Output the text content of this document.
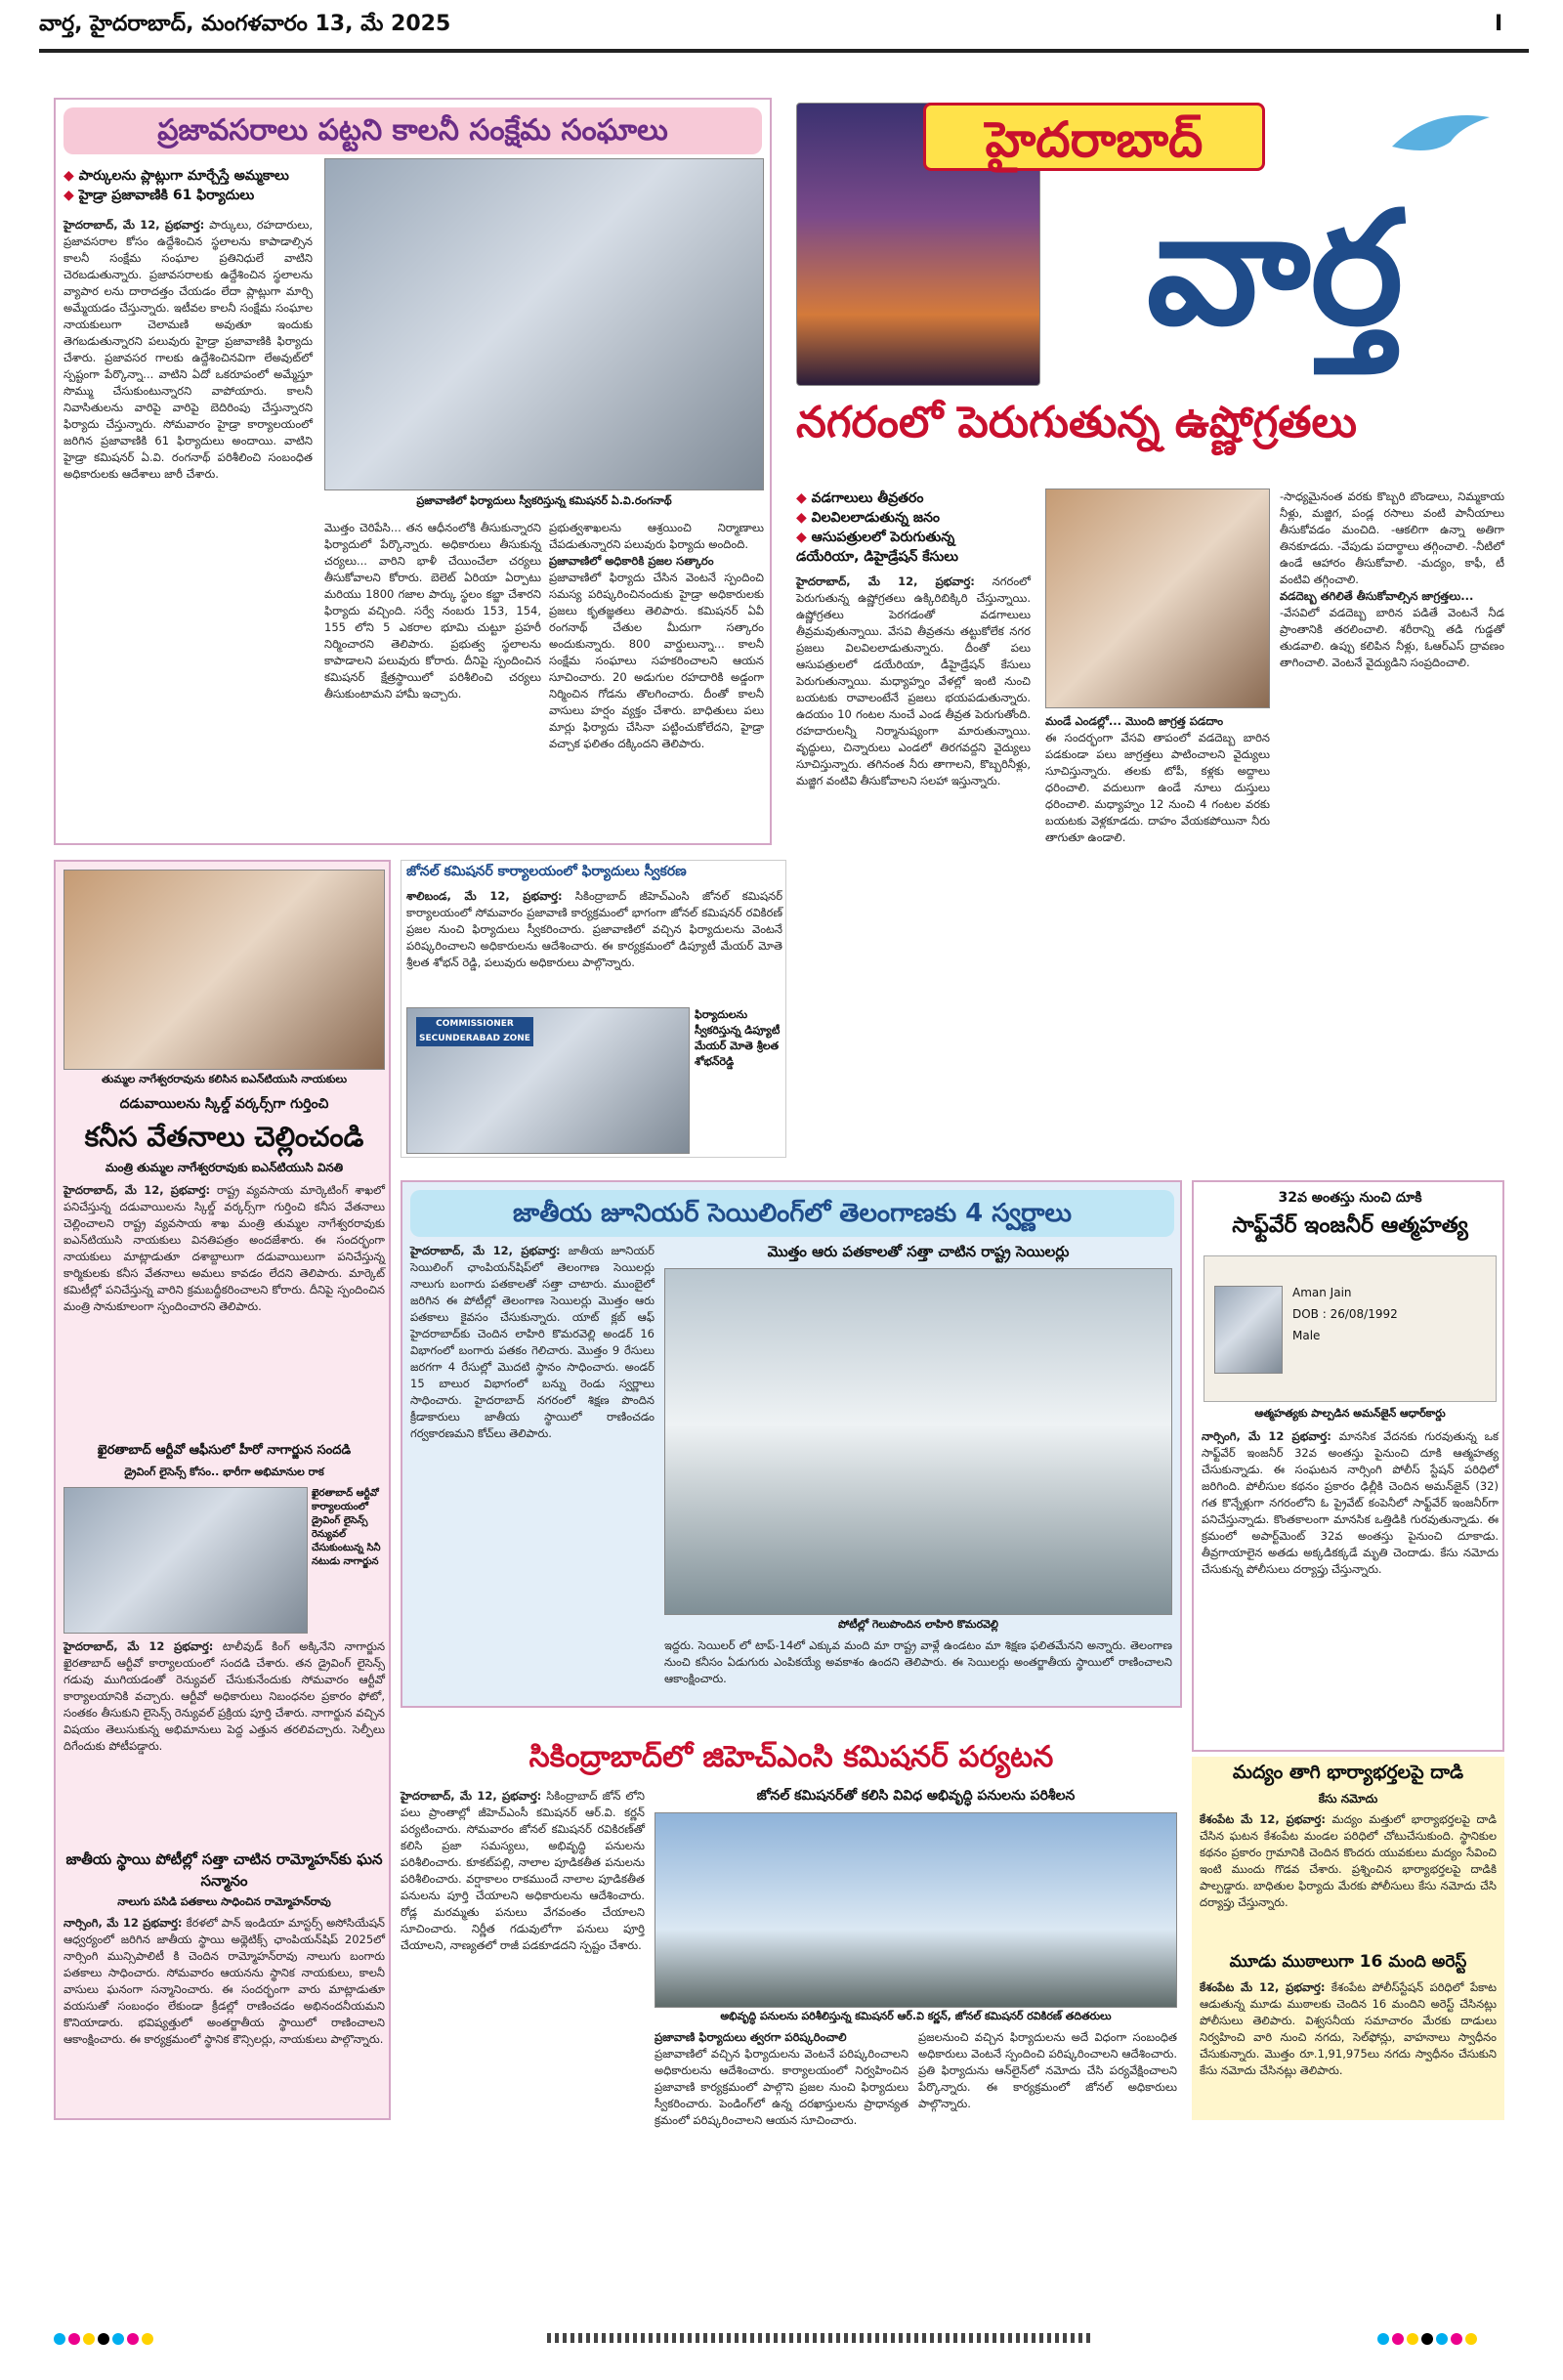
వార్త, హైదరాబాద్, మంగళవారం 13, మే 2025	I
ప్రజావసరాలు పట్టని కాలనీ సంక్షేమ సంఘాలు
◆ పార్కులను ప్లాట్లుగా మార్చేస్తే అమ్మకాలు
◆ హైడ్రా ప్రజావాణికి 61 ఫిర్యాదులు
హైదరాబాద్, మే 12, ప్రభవార్త: పార్కులు, రహదారులు, ప్రజావసరాల కోసం ఉద్దేశించిన స్థలాలను కాపాడాల్సిన కాలనీ సంక్షేమ సంఘాల ప్రతినిధులే వాటిని చెరబడుతున్నారు. ప్రజావసరాలకు ఉద్దేశించిన స్థలాలను వ్యాపార లను దారాదత్తం చేయడం లేదా ప్లాట్లుగా మార్చి అమ్మేయడం చేస్తున్నారు. ఇటీవల కాలనీ సంక్షేమ సంఘాల నాయకులుగా చెలామణి అవుతూ ఇందుకు తెగబడుతున్నారని పలువురు హైడ్రా ప్రజావాణికి ఫిర్యాదు చేశారు. ప్రజావసర గాలకు ఉద్దేశించినవిగా లేఅవుట్‌లో స్పష్టంగా పేర్కొన్నా... వాటిని ఏదో ఒకరూపంలో అమ్మేస్తూ సొమ్ము చేసుకుంటున్నారని వాపోయారు. కాలనీ నివాసితులను వారిపై వారిపై బెదిరింపు చేస్తున్నారని ఫిర్యాదు చేస్తున్నారు. సోమవారం హైడ్రా కార్యాలయంలో జరిగిన ప్రజావాణికి 61 ఫిర్యాదులు అందాయి. వాటిని హైడ్రా కమిషనర్ ఏ.వి. రంగనాథ్ పరిశీలించి సంబంధిత అధికారులకు ఆదేశాలు జారీ చేశారు.
ప్రజావాణిలో ఫిర్యాదులు స్వీకరిస్తున్న కమిషనర్ ఏ.వి.రంగనాథ్
మొత్తం చెరిపేసి... తన ఆధీనంలోకి తీసుకున్నారని ఫిర్యాదులో పేర్కొన్నారు. అధికారులు తీసుకున్న చర్యలు... వారిని భాళీ చేయించేలా చర్యలు తీసుకోవాలని కోరారు. బెలెట్ ఏరియా ఏర్పాటు మరియు 1800 గజాల పార్కు స్థలం కబ్జా చేశారని ఫిర్యాదు వచ్చింది. సర్వే నంబరు 153, 154, 155 లోని 5 ఎకరాల భూమి చుట్టూ ప్రహరీ నిర్మించారని తెలిపారు. ప్రభుత్వ స్థలాలను కాపాడాలని పలువురు కోరారు. దీనిపై స్పందించిన కమిషనర్ క్షేత్రస్థాయిలో పరిశీలించి చర్యలు తీసుకుంటామని హామీ ఇచ్చారు.
ప్రభుత్వశాఖలను ఆశ్రయించి నిర్మాణాలు చేపడుతున్నారని పలువురు ఫిర్యాదు అందింది.
ప్రజావాణిలో అధికారికి ప్రజల సత్కారం
ప్రజావాణిలో ఫిర్యాదు చేసిన వెంటనే స్పందించి సమస్య పరిష్కరించినందుకు హైడ్రా అధికారులకు ప్రజలు కృతజ్ఞతలు తెలిపారు. కమిషనర్ ఏవీ రంగనాథ్ చేతుల మీదుగా సత్కారం అందుకున్నారు. 800 వార్డులున్నా... కాలనీ సంక్షేమ సంఘాలు సహకరించాలని ఆయన సూచించారు. 20 అడుగుల రహదారికి అడ్డంగా నిర్మించిన గోడను తొలగించారు. దీంతో కాలనీ వాసులు హర్షం వ్యక్తం చేశారు. బాధితులు పలు మార్లు ఫిర్యాదు చేసినా పట్టించుకోలేదని, హైడ్రా వచ్చాక ఫలితం దక్కిందని తెలిపారు.
హైదరాబాద్
వార్త
నగరంలో పెరుగుతున్న ఉష్ణోగ్రతలు
◆ వడగాలులు తీవ్రతరం
◆ విలవిలలాడుతున్న జనం
◆ ఆసుపత్రులలో పెరుగుతున్న
డయేరియా, డిహైడ్రేషన్ కేసులు
హైదరాబాద్, మే 12, ప్రభవార్త: నగరంలో పెరుగుతున్న ఉష్ణోగ్రతలు ఉక్కిరిబిక్కిరి చేస్తున్నాయి. ఉష్ణోగ్రతలు పెరగడంతో వడగాలులు తీవ్రమవుతున్నాయి. వేసవి తీవ్రతను తట్టుకోలేక నగర ప్రజలు విలవిలలాడుతున్నారు. దీంతో పలు ఆసుపత్రులలో డయేరియా, డీహైడ్రేషన్ కేసులు పెరుగుతున్నాయి. మధ్యాహ్నం వేళల్లో ఇంటి నుంచి బయటకు రావాలంటేనే ప్రజలు భయపడుతున్నారు. ఉదయం 10 గంటల నుంచే ఎండ తీవ్రత పెరుగుతోంది. రహదారులన్నీ నిర్మానుష్యంగా మారుతున్నాయి. వృద్ధులు, చిన్నారులు ఎండలో తిరగవద్దని వైద్యులు సూచిస్తున్నారు. తగినంత నీరు తాగాలని, కొబ్బరినీళ్లు, మజ్జిగ వంటివి తీసుకోవాలని సలహా ఇస్తున్నారు.
మండే ఎండల్లో... మొంది జాగ్రత్త పడదాం
ఈ సందర్భంగా వేసవి తాపంలో వడదెబ్బ బారిన పడకుండా పలు జాగ్రత్తలు పాటించాలని వైద్యులు సూచిస్తున్నారు. తలకు టోపీ, కళ్లకు అద్దాలు ధరించాలి. వదులుగా ఉండే నూలు దుస్తులు ధరించాలి. మధ్యాహ్నం 12 నుంచి 4 గంటల వరకు బయటకు వెళ్లకూడదు. దాహం వేయకపోయినా నీరు తాగుతూ ఉండాలి.
-సాధ్యమైనంత వరకు కొబ్బరి బొండాలు, నిమ్మకాయ నీళ్లు, మజ్జిగ, పండ్ల రసాలు వంటి పానీయాలు తీసుకోవడం మంచిది. -ఆకలిగా ఉన్నా అతిగా తినకూడదు. -వేపుడు పదార్థాలు తగ్గించాలి. -నీటిలో ఉండే ఆహారం తీసుకోవాలి. -మద్యం, కాఫీ, టీ వంటివి తగ్గించాలి.
వడదెబ్బ తగిలితే తీసుకోవాల్సిన జాగ్రత్తలు...
-వేసవిలో వడదెబ్బ బారిన పడితే వెంటనే నీడ ప్రాంతానికి తరలించాలి. శరీరాన్ని తడి గుడ్డతో తుడవాలి. ఉప్పు కలిపిన నీళ్లు, ఓఆర్ఎస్ ద్రావణం తాగించాలి. వెంటనే వైద్యుడిని సంప్రదించాలి.
తుమ్మల నాగేశ్వరరావును కలిసిన ఐఎన్‌టియుసి నాయకులు
దడువాయిలను స్కిల్డ్ వర్కర్స్‌గా గుర్తించి
కనీస వేతనాలు చెల్లించండి
మంత్రి తుమ్మల నాగేశ్వరరావుకు ఐఎన్‌టియుసి వినతి
హైదరాబాద్, మే 12, ప్రభవార్త: రాష్ట్ర వ్యవసాయ మార్కెటింగ్ శాఖలో పనిచేస్తున్న దడువాయిలను స్కిల్డ్ వర్కర్స్‌గా గుర్తించి కనీస వేతనాలు చెల్లించాలని రాష్ట్ర వ్యవసాయ శాఖ మంత్రి తుమ్మల నాగేశ్వరరావుకు ఐఎన్‌టియుసి నాయకులు వినతిపత్రం అందజేశారు. ఈ సందర్భంగా నాయకులు మాట్లాడుతూ దశాబ్దాలుగా దడువాయిలుగా పనిచేస్తున్న కార్మికులకు కనీస వేతనాలు అమలు కావడం లేదని తెలిపారు. మార్కెట్ కమిటీల్లో పనిచేస్తున్న వారిని క్రమబద్ధీకరించాలని కోరారు. దీనిపై స్పందించిన మంత్రి సానుకూలంగా స్పందించారని తెలిపారు.
ఖైరతాబాద్ ఆర్టీవో ఆఫీసులో హీరో నాగార్జున సందడి
డ్రైవింగ్ లైసెన్స్ కోసం.. భారీగా అభిమానుల రాక
ఖైరతాబాద్ ఆర్టీవో కార్యాలయంలో డ్రైవింగ్ లైసెన్స్ రెన్యువల్ చేసుకుంటున్న సినీ నటుడు నాగార్జున
హైదరాబాద్, మే 12 ప్రభవార్త: టాలీవుడ్ కింగ్ అక్కినేని నాగార్జున ఖైరతాబాద్ ఆర్టీవో కార్యాలయంలో సందడి చేశారు. తన డ్రైవింగ్ లైసెన్స్ గడువు ముగియడంతో రెన్యువల్ చేసుకునేందుకు సోమవారం ఆర్టీవో కార్యాలయానికి వచ్చారు. ఆర్టీవో అధికారులు నిబంధనల ప్రకారం ఫోటో, సంతకం తీసుకుని లైసెన్స్ రెన్యువల్ ప్రక్రియ పూర్తి చేశారు. నాగార్జున వచ్చిన విషయం తెలుసుకున్న అభిమానులు పెద్ద ఎత్తున తరలివచ్చారు. సెల్ఫీలు దిగేందుకు పోటీపడ్డారు.
జాతీయ స్థాయి పోటీల్లో సత్తా చాటిన రామ్మోహన్‌కు ఘన సన్మానం
నాలుగు పసిడి పతకాలు సాధించిన రామ్మోహన్‌రావు
నార్సింగి, మే 12 ప్రభవార్త: కేరళలో పాన్ ఇండియా మాస్టర్స్ అసోసియేషన్ ఆధ్వర్యంలో జరిగిన జాతీయ స్థాయి అథ్లెటిక్స్ ఛాంపియన్‌షిప్ 2025లో నార్సింగి మున్సిపాలిటీ కి చెందిన రామ్మోహన్‌రావు నాలుగు బంగారు పతకాలు సాధించారు. సోమవారం ఆయనను స్థానిక నాయకులు, కాలనీ వాసులు ఘనంగా సన్మానించారు. ఈ సందర్భంగా వారు మాట్లాడుతూ వయసుతో సంబంధం లేకుండా క్రీడల్లో రాణించడం అభినందనీయమని కొనియాడారు. భవిష్యత్తులో అంతర్జాతీయ స్థాయిలో రాణించాలని ఆకాంక్షించారు. ఈ కార్యక్రమంలో స్థానిక కౌన్సిలర్లు, నాయకులు పాల్గొన్నారు.
జోనల్ కమిషనర్ కార్యాలయంలో ఫిర్యాదులు స్వీకరణ
శాలిబండ, మే 12, ప్రభవార్త: సికింద్రాబాద్ జీహెచ్ఎంసి జోనల్ కమిషనర్ కార్యాలయంలో సోమవారం ప్రజావాణి కార్యక్రమంలో భాగంగా జోనల్ కమిషనర్ రవికిరణ్ ప్రజల నుంచి ఫిర్యాదులు స్వీకరించారు. ప్రజావాణిలో వచ్చిన ఫిర్యాదులను వెంటనే పరిష్కరించాలని అధికారులను ఆదేశించారు. ఈ కార్యక్రమంలో డిప్యూటీ మేయర్ మోతె శ్రీలత శోభన్ రెడ్డి, పలువురు అధికారులు పాల్గొన్నారు.
COMMISSIONER SECUNDERABAD ZONE
ఫిర్యాదులను స్వీకరిస్తున్న డిప్యూటీ మేయర్ మోతె శ్రీలత శోభన్‌రెడ్డి
జాతీయ జూనియర్ సెయిలింగ్‌లో తెలంగాణకు 4 స్వర్ణాలు
హైదరాబాద్, మే 12, ప్రభవార్త: జాతీయ జూనియర్ సెయిలింగ్ ఛాంపియన్‌షిప్‌లో తెలంగాణ సెయిలర్లు నాలుగు బంగారు పతకాలతో సత్తా చాటారు. ముంబైలో జరిగిన ఈ పోటీల్లో తెలంగాణ సెయిలర్లు మొత్తం ఆరు పతకాలు కైవసం చేసుకున్నారు. యాట్ క్లబ్ ఆఫ్ హైదరాబాద్‌కు చెందిన లాహిరి కొమరవెల్లి అండర్ 16 విభాగంలో బంగారు పతకం గెలిచారు. మొత్తం 9 రేసులు జరగగా 4 రేసుల్లో మొదటి స్థానం సాధించారు. అండర్ 15 బాలుర విభాగంలో బన్ను రెండు స్వర్ణాలు సాధించారు. హైదరాబాద్ నగరంలో శిక్షణ పొందిన క్రీడాకారులు జాతీయ స్థాయిలో రాణించడం గర్వకారణమని కోచ్‌లు తెలిపారు.
మొత్తం ఆరు పతకాలతో సత్తా చాటిన రాష్ట్ర సెయిలర్లు
పోటీల్లో గెలుపొందిన లాహిరి కొమరవెల్లి
ఇద్దరు. సెయిలర్ లో టాప్-14లో ఎక్కువ మంది మా రాష్ట్ర వాళ్లే ఉండటం మా శిక్షణ ఫలితమేనని అన్నారు. తెలంగాణ నుంచి కనీసం ఏడుగురు ఎంపికయ్యే అవకాశం ఉందని తెలిపారు. ఈ సెయిలర్లు అంతర్జాతీయ స్థాయిలో రాణించాలని ఆకాంక్షించారు.
32వ అంతస్తు నుంచి దూకి
సాఫ్ట్‌వేర్ ఇంజనీర్ ఆత్మహత్య
Aman Jain
DOB : 26/08/1992
Male
ఆత్మహత్యకు పాల్పడిన అమన్‌జైన్ ఆధార్‌కార్డు
నార్సింగి, మే 12 ప్రభవార్త: మానసిక వేదనకు గురవుతున్న ఒక సాఫ్ట్‌వేర్ ఇంజనీర్ 32వ అంతస్తు పైనుంచి దూకి ఆత్మహత్య చేసుకున్నాడు. ఈ సంఘటన నార్సింగి పోలీస్ స్టేషన్ పరిధిలో జరిగింది. పోలీసుల కథనం ప్రకారం ఢిల్లీకి చెందిన అమన్‌జైన్ (32) గత కొన్నేళ్లుగా నగరంలోని ఓ ప్రైవేట్ కంపెనీలో సాఫ్ట్‌వేర్ ఇంజనీర్‌గా పనిచేస్తున్నాడు. కొంతకాలంగా మానసిక ఒత్తిడికి గురవుతున్నాడు. ఈ క్రమంలో అపార్ట్‌మెంట్ 32వ అంతస్తు పైనుంచి దూకాడు. తీవ్రగాయాలైన అతడు అక్కడికక్కడే మృతి చెందాడు. కేసు నమోదు చేసుకున్న పోలీసులు దర్యాప్తు చేస్తున్నారు.
మద్యం తాగి భార్యాభర్తలపై దాడి
కేసు నమోదు
కేశంపేట మే 12, ప్రభవార్త: మద్యం మత్తులో భార్యాభర్తలపై దాడి చేసిన ఘటన కేశంపేట మండల పరిధిలో చోటుచేసుకుంది. స్థానికుల కథనం ప్రకారం గ్రామానికి చెందిన కొందరు యువకులు మద్యం సేవించి ఇంటి ముందు గొడవ చేశారు. ప్రశ్నించిన భార్యాభర్తలపై దాడికి పాల్పడ్డారు. బాధితుల ఫిర్యాదు మేరకు పోలీసులు కేసు నమోదు చేసి దర్యాప్తు చేస్తున్నారు.
మూడు ముఠాలుగా 16 మంది అరెస్ట్
కేశంపేట మే 12, ప్రభవార్త: కేశంపేట పోలీస్‌స్టేషన్ పరిధిలో పేకాట ఆడుతున్న మూడు ముఠాలకు చెందిన 16 మందిని అరెస్ట్ చేసినట్లు పోలీసులు తెలిపారు. విశ్వసనీయ సమాచారం మేరకు దాడులు నిర్వహించి వారి నుంచి నగదు, సెల్‌ఫోన్లు, వాహనాలు స్వాధీనం చేసుకున్నారు. మొత్తం రూ.1,91,975లు నగదు స్వాధీనం చేసుకుని కేసు నమోదు చేసినట్లు తెలిపారు.
సికింద్రాబాద్‌లో జిహెచ్‌ఎంసి కమిషనర్ పర్యటన
హైదరాబాద్, మే 12, ప్రభవార్త: సికింద్రాబాద్ జోన్ లోని పలు ప్రాంతాల్లో జీహెచ్ఎంసీ కమిషనర్ ఆర్.వి. కర్ణన్ పర్యటించారు. సోమవారం జోనల్ కమిషనర్ రవికిరణ్‌తో కలిసి ప్రజా సమస్యలు, అభివృద్ధి పనులను పరిశీలించారు. కూకట్‌పల్లి, నాలాల పూడికతీత పనులను పరిశీలించారు. వర్షాకాలం రాకముందే నాలాల పూడికతీత పనులను పూర్తి చేయాలని అధికారులను ఆదేశించారు. రోడ్ల మరమ్మతు పనులు వేగవంతం చేయాలని సూచించారు. నిర్ణీత గడువులోగా పనులు పూర్తి చేయాలని, నాణ్యతలో రాజీ పడకూడదని స్పష్టం చేశారు.
జోనల్ కమిషనర్‌తో కలిసి వివిధ అభివృద్ధి పనులను పరిశీలన
అభివృద్ధి పనులను పరిశీలిస్తున్న కమిషనర్ ఆర్.వి కర్ణన్, జోనల్ కమిషనర్ రవికిరణ్ తదితరులు
ప్రజావాణి ఫిర్యాదులు త్వరగా పరిష్కరించాలి
ప్రజావాణిలో వచ్చిన ఫిర్యాదులను వెంటనే పరిష్కరించాలని అధికారులను ఆదేశించారు. కార్యాలయంలో నిర్వహించిన ప్రజావాణి కార్యక్రమంలో పాల్గొని ప్రజల నుంచి ఫిర్యాదులు స్వీకరించారు. పెండింగ్‌లో ఉన్న దరఖాస్తులను ప్రాధాన్యత క్రమంలో పరిష్కరించాలని ఆయన సూచించారు.
ప్రజలనుంచి వచ్చిన ఫిర్యాదులను అదే విధంగా సంబంధిత అధికారులు వెంటనే స్పందించి పరిష్కరించాలని ఆదేశించారు. ప్రతి ఫిర్యాదును ఆన్‌లైన్‌లో నమోదు చేసి పర్యవేక్షించాలని పేర్కొన్నారు. ఈ కార్యక్రమంలో జోనల్ అధికారులు పాల్గొన్నారు.
